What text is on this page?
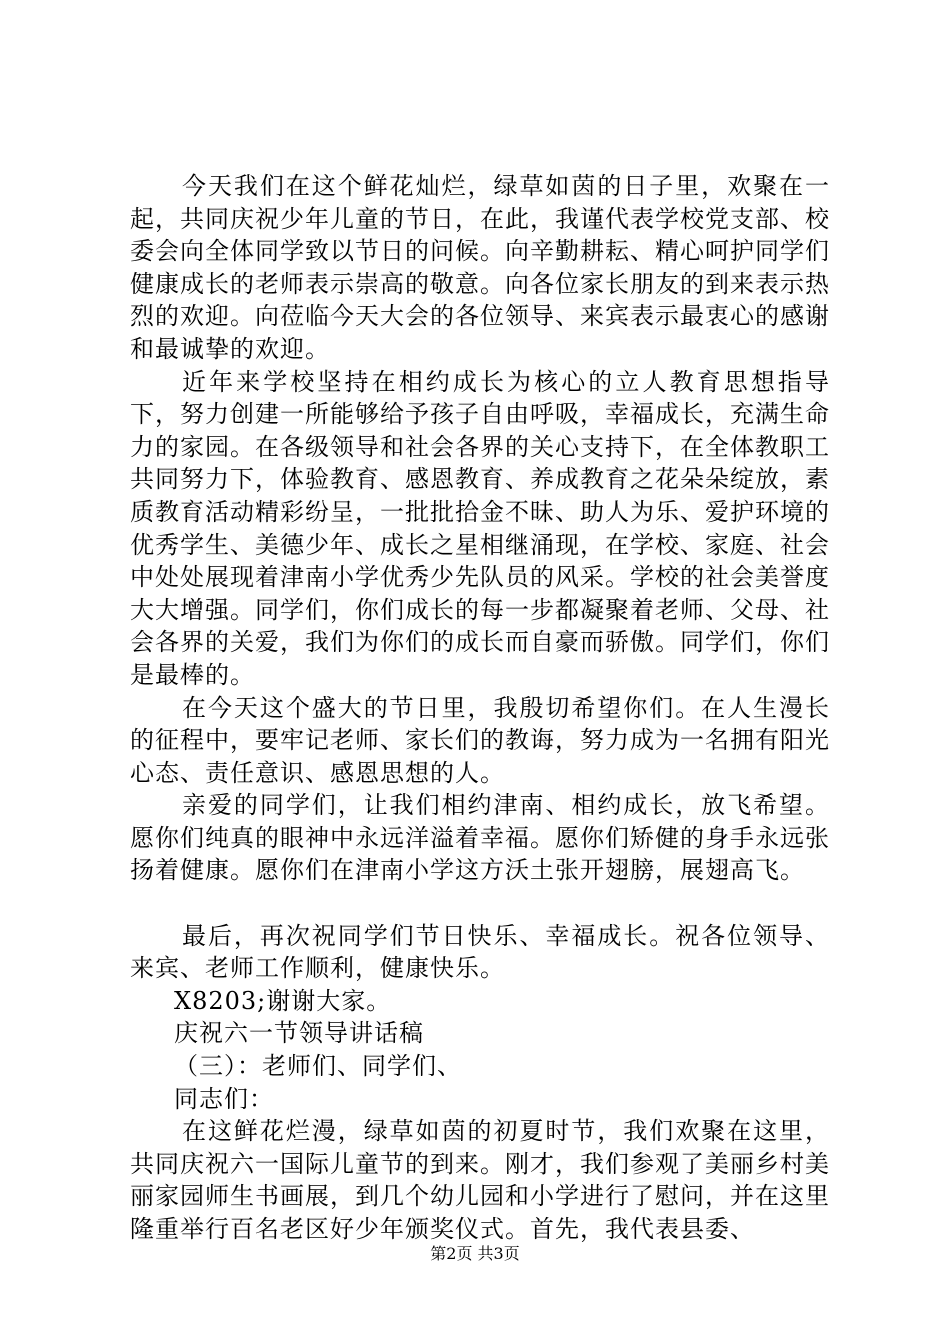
今天我们在这个鲜花灿烂，绿草如茵的日子里，欢聚在一起，共同庆祝少年儿童的节日，在此，我谨代表学校党支部、校委会向全体同学致以节日的问候。向辛勤耕耘、精心呵护同学们健康成长的老师表示崇高的敬意。向各位家长朋友的到来表示热烈的欢迎。向莅临今天大会的各位领导、来宾表示最衷心的感谢和最诚挚的欢迎。

近年来学校坚持在相约成长为核心的立人教育思想指导下，努力创建一所能够给予孩子自由呼吸，幸福成长，充满生命力的家园。在各级领导和社会各界的关心支持下，在全体教职工共同努力下，体验教育、感恩教育、养成教育之花朵朵绽放，素质教育活动精彩纷呈，一批批拾金不昧、助人为乐、爱护环境的优秀学生、美德少年、成长之星相继涌现，在学校、家庭、社会中处处展现着津南小学优秀少先队员的风采。学校的社会美誉度大大增强。同学们，你们成长的每一步都凝聚着老师、父母、社会各界的关爱，我们为你们的成长而自豪而骄傲。同学们，你们是最棒的。

在今天这个盛大的节日里，我殷切希望你们。在人生漫长的征程中，要牢记老师、家长们的教诲，努力成为一名拥有阳光心态、责任意识、感恩思想的人。

亲爱的同学们，让我们相约津南、相约成长，放飞希望。愿你们纯真的眼神中永远洋溢着幸福。愿你们矫健的身手永远张扬着健康。愿你们在津南小学这方沃土张开翅膀，展翅高飞。

最后，再次祝同学们节日快乐、幸福成长。祝各位领导、来宾、老师工作顺利，健康快乐。

X8203;谢谢大家。

庆祝六一节领导讲话稿

（三）：老师们、同学们、

同志们：

在这鲜花烂漫，绿草如茵的初夏时节，我们欢聚在这里，共同庆祝六一国际儿童节的到来。刚才，我们参观了美丽乡村美丽家园师生书画展，到几个幼儿园和小学进行了慰问，并在这里隆重举行百名老区好少年颁奖仪式。首先，我代表县委、

第2页 共3页
